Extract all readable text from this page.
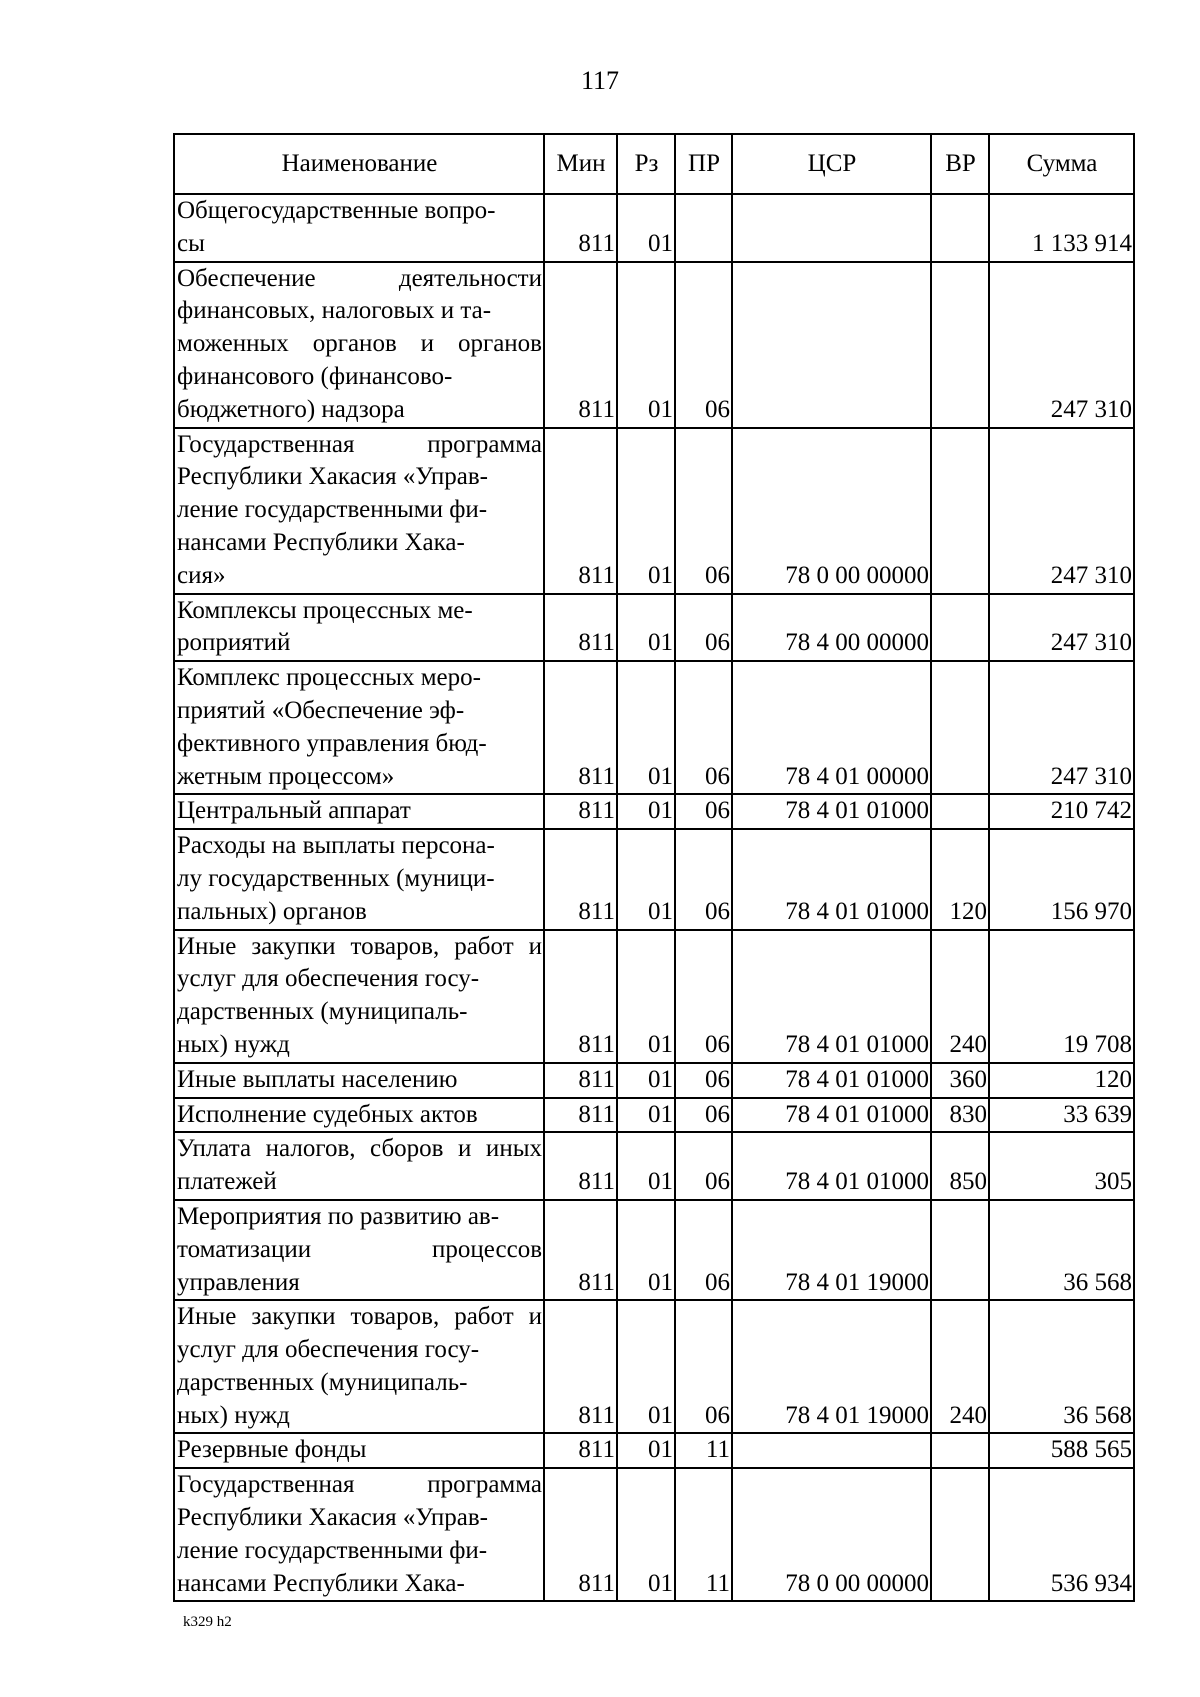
117
Наименование	Мин	Рз	ПР	ЦСР	ВР	Сумма
Общегосударственные вопро-
сы	811	01				1 133 914
Обеспечение деятельности финансовых, налоговых и та-
моженных органов и органов финансового (финансово-
бюджетного) надзора	811	01	06			247 310
Государственная программа Республики Хакасия «Управ-
ление государственными фи-
нансами Республики Хака-
сия»	811	01	06	78 0 00 00000		247 310
Комплексы процессных ме-
роприятий	811	01	06	78 4 00 00000		247 310
Комплекс процессных меро-
приятий «Обеспечение эф-
фективного управления бюд-
жетным процессом»	811	01	06	78 4 01 00000		247 310
Центральный аппарат	811	01	06	78 4 01 01000		210 742
Расходы на выплаты персона-
лу государственных (муници-
пальных) органов	811	01	06	78 4 01 01000	120	156 970
Иные закупки товаров, работ и услуг для обеспечения госу-
дарственных (муниципаль-
ных) нужд	811	01	06	78 4 01 01000	240	19 708
Иные выплаты населению	811	01	06	78 4 01 01000	360	120
Исполнение судебных актов	811	01	06	78 4 01 01000	830	33 639
Уплата налогов, сборов и иных платежей	811	01	06	78 4 01 01000	850	305
Мероприятия по развитию ав-
томатизации процессов управления	811	01	06	78 4 01 19000		36 568
Иные закупки товаров, работ и услуг для обеспечения госу-
дарственных (муниципаль-
ных) нужд	811	01	06	78 4 01 19000	240	36 568
Резервные фонды	811	01	11			588 565
Государственная программа Республики Хакасия «Управ-
ление государственными фи-
нансами Республики Хака-	811	01	11	78 0 00 00000		536 934
k329 h2
